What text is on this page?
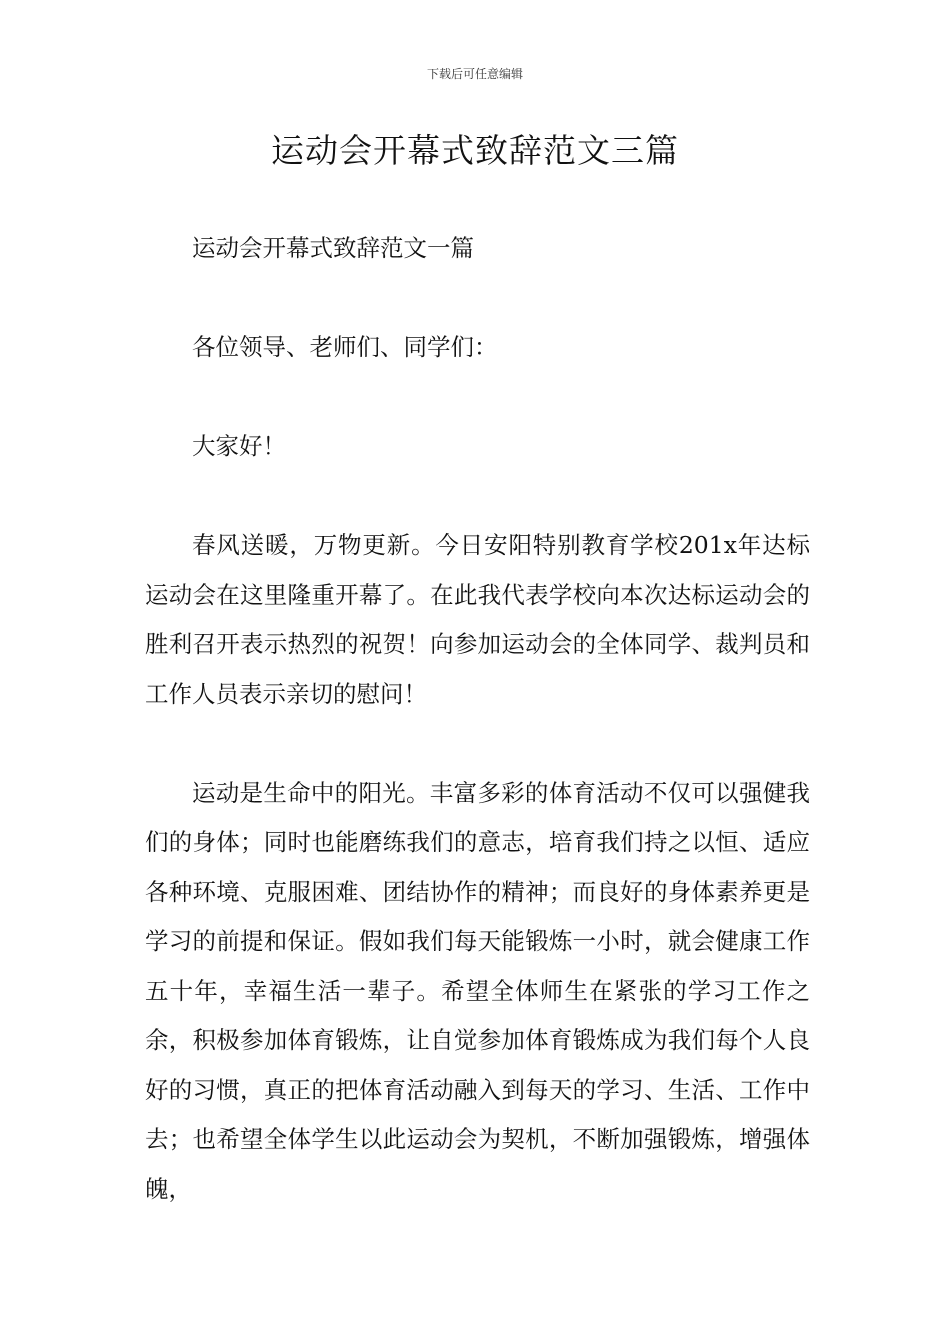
下载后可任意编辑
运动会开幕式致辞范文三篇

运动会开幕式致辞范文一篇

各位领导、老师们、同学们：

大家好！

春风送暖，万物更新。今日安阳特别教育学校201x年达标运动会在这里隆重开幕了。在此我代表学校向本次达标运动会的胜利召开表示热烈的祝贺！向参加运动会的全体同学、裁判员和工作人员表示亲切的慰问！

运动是生命中的阳光。丰富多彩的体育活动不仅可以强健我们的身体；同时也能磨练我们的意志，培育我们持之以恒、适应各种环境、克服困难、团结协作的精神；而良好的身体素养更是学习的前提和保证。假如我们每天能锻炼一小时，就会健康工作五十年，幸福生活一辈子。希望全体师生在紧张的学习工作之余，积极参加体育锻炼，让自觉参加体育锻炼成为我们每个人良好的习惯，真正的把体育活动融入到每天的学习、生活、工作中去；也希望全体学生以此运动会为契机，不断加强锻炼，增强体魄，
